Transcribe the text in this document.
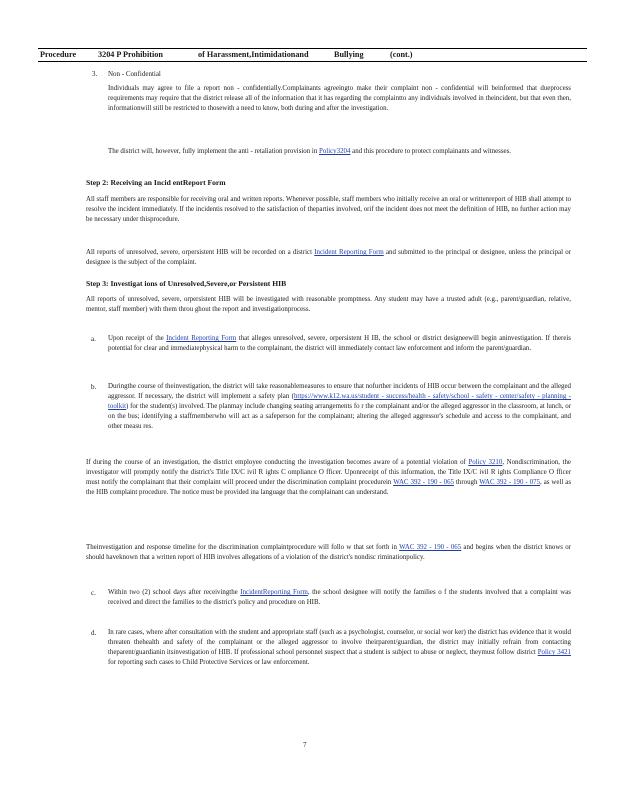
Procedure	3204 P Prohibition	of Harassment,Intimidationand	Bullying	(cont.)
3. Non - Confidential
Individuals may agree to file a report non - confidentially.Complainants agreeingto make their complaint non - confidential will beinformed that dueprocess requirements may require that the district release all of the information that it has regarding the complaintto any individuals involved in theincident, but that even then, informationwill still be restricted to thosewith a need to know, both during and after the investigation.
The district will, however, fully implement the anti - retaliation provision in Policy3204 and this procedure to protect complainants and witnesses.
Step 2: Receiving an Incid entReport Form
All staff members are responsible for receiving oral and written reports. Whenever possible, staff members who initially receive an oral or writtenreport of HIB shall attempt to resolve the incident immediately. If the incidentis resolved to the satisfaction of theparties involved, orif the incident does not meet the definition of HIB, no further action may be necessary under thisprocedure.
All reports of unresolved, severe, orpersistent HIB will be recorded on a district Incident Reporting Form and submitted to the principal or designee, unless the principal or designee is the subject of the complaint.
Step 3: Investigat ions of Unresolved,Severe,or Persistent HIB
All reports of unresolved, severe, orpersistent HIB will be investigated with reasonable promptness. Any student may have a trusted adult (e.g., parent/guardian, relative, mentor, staff member) with them throu ghout the report and investigationprocess.
a. Upon receipt of the Incident Reporting Form that alleges unresolved, severe, orpersistent H IB, the school or district designeewill begin aninvestigation. If thereis potential for clear and immediatephysical harm to the complainant, the district will immediately contact law enforcement and inform the parent/guardian.
b. Duringthe course of theinvestigation, the district will take reasonablemeasures to ensure that nofurther incidents of HIB occur between the complainant and the alleged aggressor. If necessary, the district will implement a safety plan (https://www.k12.wa.us/student - success/health - safety/school - safety - center/safety - planning - toolkit) for the student(s) involved. The planmay include changing seating arrangements fo r the complainant and/or the alleged aggressor in the classroom, at lunch, or on the bus; identifying a staffmemberwho will act as a safeperson for the complainant; altering the alleged aggressor's schedule and access to the complainant, and other measu res.
If during the course of an investigation, the district employee conducting the investigation becomes aware of a potential violation of Policy 3210, Nondiscrimination, the investigator will promptly notify the district's Title IX/C ivil R ights C ompliance O fficer. Uponreceipt of this information, the Title IX/C ivil R ights Compliance O fficer must notify the complainant that their complaint will proceed under the discrimination complaint procedurein WAC 392 - 190 - 065 through WAC 392 - 190 - 075, as well as the HIB complaint procedure. The notice must be provided ina language that the complainant can understand.
Theinvestigation and response timeline for the discrimination complaintprocedure will follo w that set forth in WAC 392 - 190 - 065 and begins when the district knows or should haveknown that a written report of HIB involves allegations of a violation of the district's nondisc riminationpolicy.
c. Within two (2) school days after receivingthe IncidentReporting Form, the school designee will notify the families o f the students involved that a complaint was received and direct the families to the district's policy and procedure on HIB.
d. In rare cases, where after consultation with the student and appropriate staff (such as a psychologist, counselor, or social wor ker) the district has evidence that it would threaten thehealth and safety of the complainant or the alleged aggressor to involve theirparent/guardian, the district may initially refrain from contacting theparent/guardianin itsinvestigation of HIB. If professional school personnel suspect that a student is subject to abuse or neglect, theymust follow district Policy 3421 for reporting such cases to Child Protective Services or law enforcement.
7
